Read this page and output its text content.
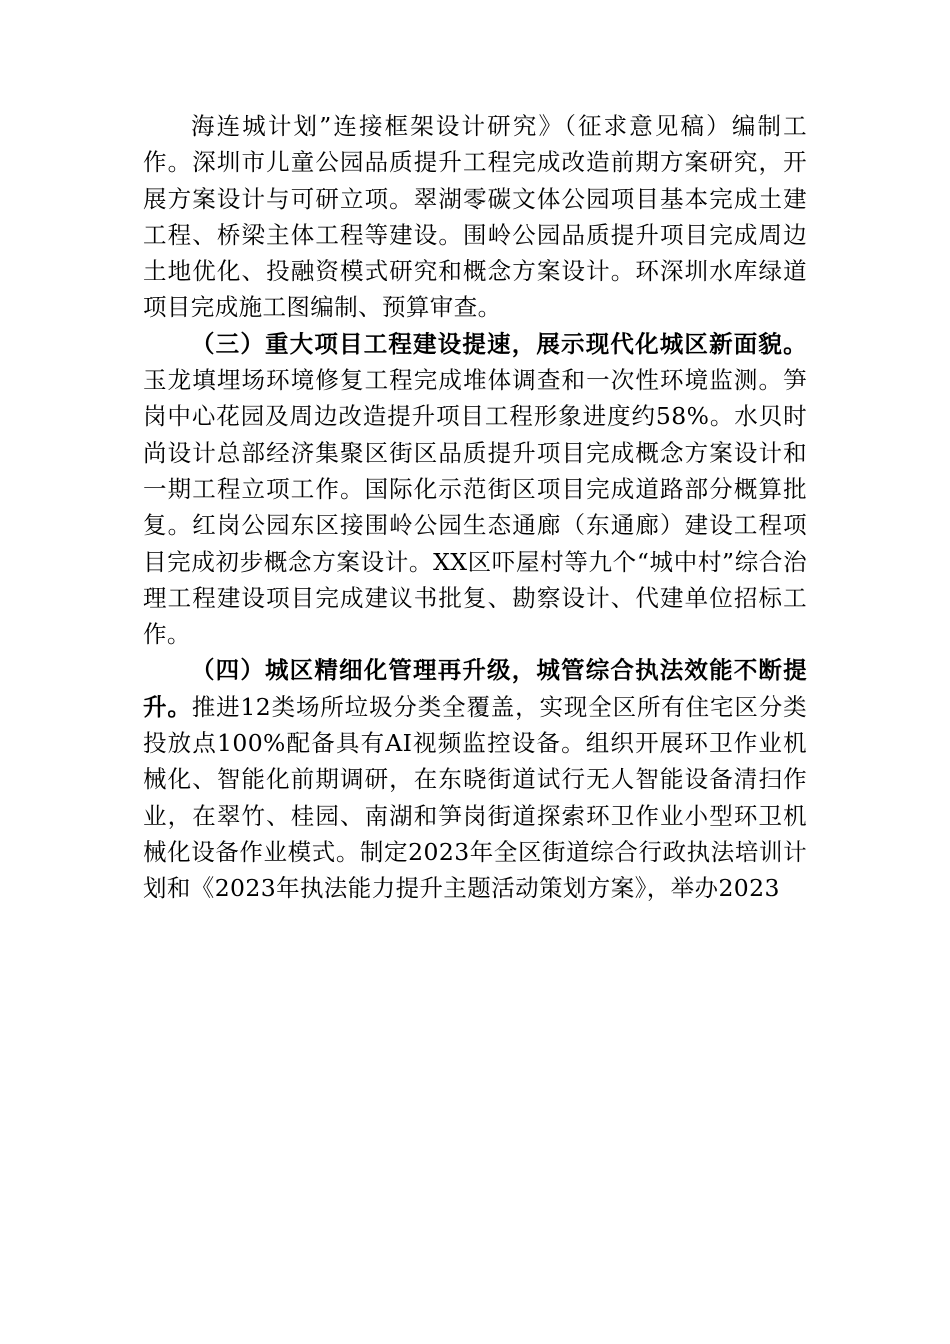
海连城计划”连接框架设计研究》（征求意见稿）编制工作。深圳市儿童公园品质提升工程完成改造前期方案研究，开展方案设计与可研立项。翠湖零碳文体公园项目基本完成土建工程、桥梁主体工程等建设。围岭公园品质提升项目完成周边土地优化、投融资模式研究和概念方案设计。环深圳水库绿道项目完成施工图编制、预算审查。

（三）重大项目工程建设提速，展示现代化城区新面貌。玉龙填埋场环境修复工程完成堆体调查和一次性环境监测。笋岗中心花园及周边改造提升项目工程形象进度约58%。水贝时尚设计总部经济集聚区街区品质提升项目完成概念方案设计和一期工程立项工作。国际化示范街区项目完成道路部分概算批复。红岗公园东区接围岭公园生态通廊（东通廊）建设工程项目完成初步概念方案设计。XX区吓屋村等九个“城中村”综合治理工程建设项目完成建议书批复、勘察设计、代建单位招标工作。

（四）城区精细化管理再升级，城管综合执法效能不断提升。推进12类场所垃圾分类全覆盖，实现全区所有住宅区分类投放点100%配备具有AI视频监控设备。组织开展环卫作业机械化、智能化前期调研，在东晓街道试行无人智能设备清扫作业，在翠竹、桂园、南湖和笋岗街道探索环卫作业小型环卫机械化设备作业模式。制定2023年全区街道综合行政执法培训计划和《2023年执法能力提升主题活动策划方案》，举办2023
